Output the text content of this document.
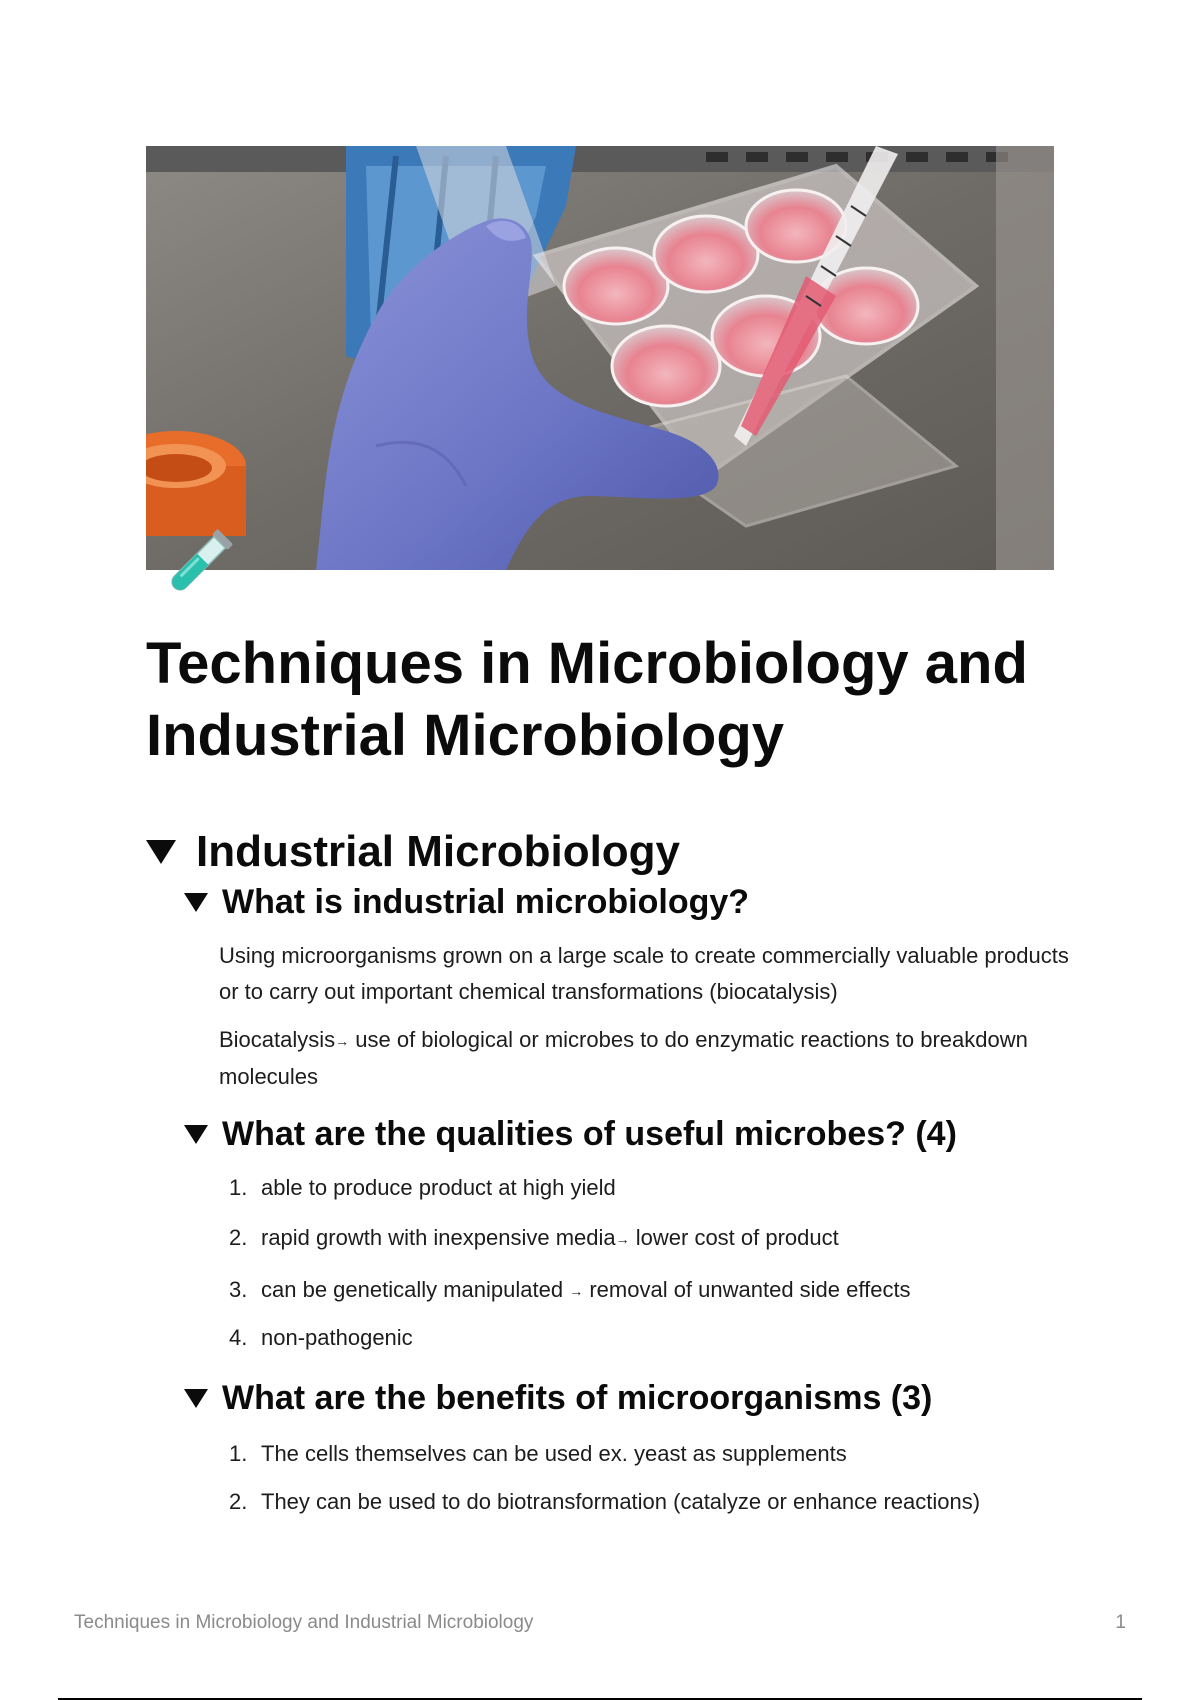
Techniques in Microbiology and Industrial Microbiology
Industrial Microbiology
What is industrial microbiology?

Using microorganisms grown on a large scale to create commercially valuable products or to carry out important chemical transformations (biocatalysis)

Biocatalysis→ use of biological or microbes to do enzymatic reactions to breakdown molecules

What are the qualities of useful microbes? (4)
1. able to produce product at high yield
2. rapid growth with inexpensive media→ lower cost of product
3. can be genetically manipulated → removal of unwanted side effects
4. non-pathogenic
What are the benefits of microorganisms (3)
1. The cells themselves can be used ex. yeast as supplements
2. They can be used to do biotransformation (catalyze or enhance reactions)
Techniques in Microbiology and Industrial Microbiology	1
